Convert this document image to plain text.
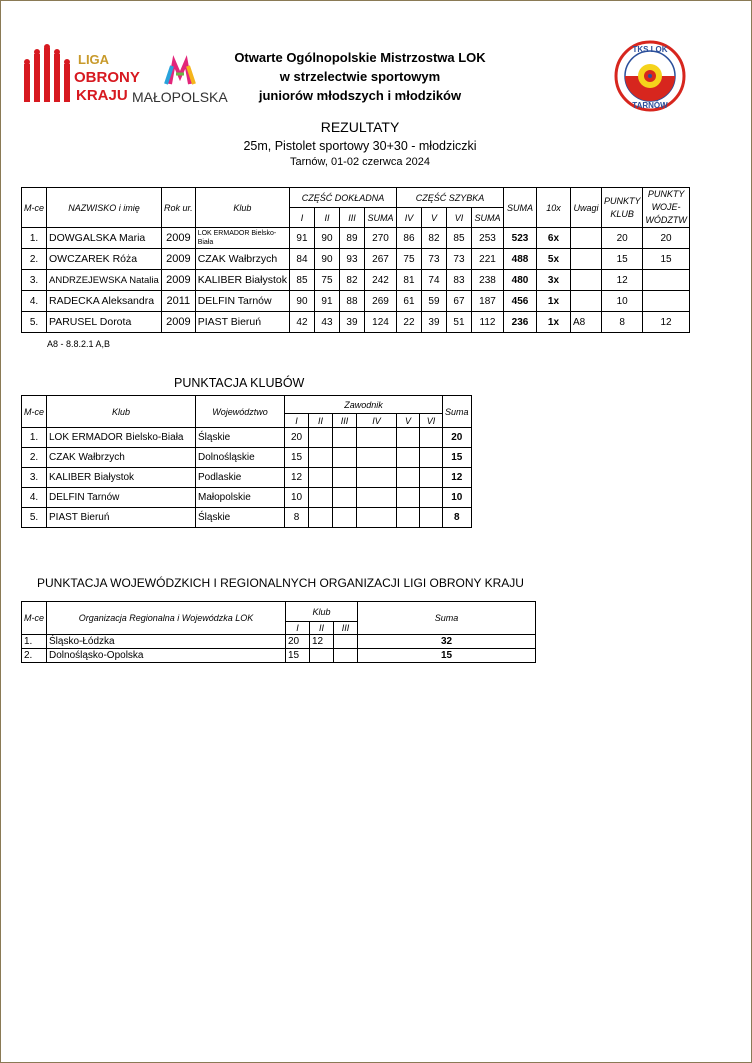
LIGA
OBRONY
KRAJU MAŁOPOLSKA
TKS LOK
TARNÓW
Otwarte Ogólnopolskie Mistrzostwa LOK
w strzelectwie sportowym
juniorów młodszych i młodzików
REZULTATY
25m, Pistolet sportowy 30+30 - młodziczki
Tarnów, 01-02 czerwca 2024
M-ce	NAZWISKO i imię	Rok ur.	Klub	CZĘŚĆ DOKŁADNA				CZĘŚĆ SZYBKA				SUMA	10x	Uwagi	PUNKTY KLUB	PUNKTY WOJE-WÓDZTW
				I	II	III	SUMA	IV	V	VI	SUMA					
1.	DOWGALSKA Maria	2009	LOK ERMADOR Bielsko-Biała	91	90	89	270	86	82	85	253	523	6x		20	20
2.	OWCZAREK Róża	2009	CZAK Wałbrzych	84	90	93	267	75	73	73	221	488	5x		15	15
3.	ANDRZEJEWSKA Natalia	2009	KALIBER Białystok	85	75	82	242	81	74	83	238	480	3x		12	
4.	RADECKA Aleksandra	2011	DELFIN Tarnów	90	91	88	269	61	59	67	187	456	1x		10	
5.	PARUSEL Dorota	2009	PIAST Bieruń	42	43	39	124	22	39	51	112	236	1x	A8	8	12
A8 - 8.8.2.1 A,B
PUNKTACJA KLUBÓW
M-ce	Klub	Województwo	Zawodnik						Suma
			I	II	III	IV	V	VI	
1.	LOK ERMADOR Bielsko-Biała	Śląskie	20						20
2.	CZAK Wałbrzych	Dolnośląskie	15						15
3.	KALIBER Białystok	Podlaskie	12						12
4.	DELFIN Tarnów	Małopolskie	10						10
5.	PIAST Bieruń	Śląskie	8						8
PUNKTACJA WOJEWÓDZKICH I REGIONALNYCH ORGANIZACJI LIGI OBRONY KRAJU
M-ce	Organizacja Regionalna i Wojewódzka LOK	Klub			Suma
		I	II	III	
1.	Śląsko-Łódzka	20	12		32
2.	Dolnośląsko-Opolska	15			15
